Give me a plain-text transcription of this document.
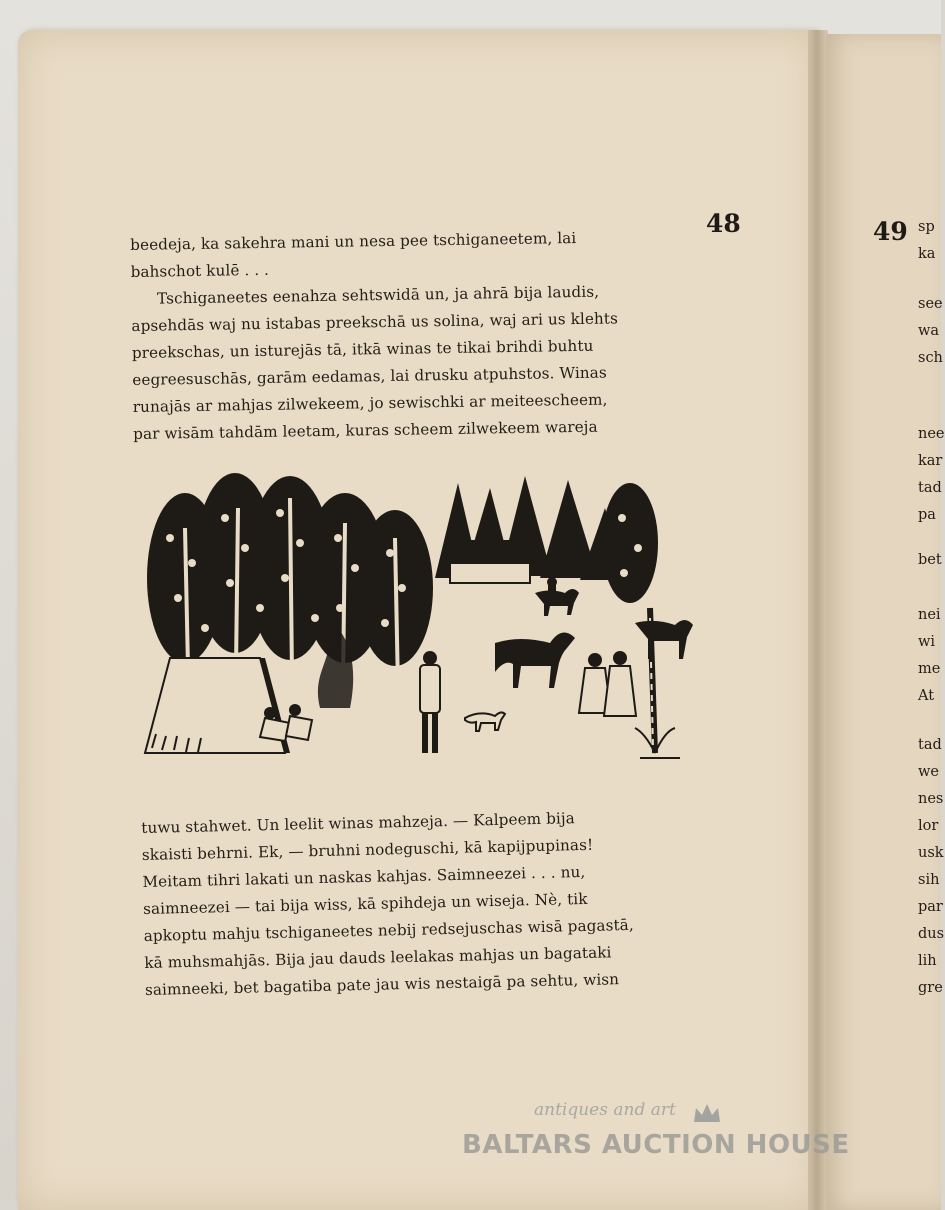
48	49
beedeja, ka sakehra mani un nesa pee tschiganeetem, lai
bahschot kulē . . .
Tschiganeetes eenahza sehtswidā un, ja ahrā bija laudis,
apsehdās waj nu istabas preekschā us solina, waj ari us klehts
preekschas, un isturejās tā, itkā winas te tikai brihdi buhtu
eegreesuschās, garām eedamas, lai drusku atpuhstos. Winas
runajās ar mahjas zilwekeem, jo sewischki ar meiteescheem,
par wisām tahdām leetam, kuras scheem zilwekeem wareja
tuwu stahwet. Un leelit winas mahzeja. — Kalpeem bija
skaisti behrni. Ek, — bruhni nodeguschi, kā kapijpupinas!
Meitam tihri lakati un naskas kahjas. Saimneezei . . . nu,
saimneezei — tai bija wiss, kā spihdeja un wiseja. Nè, tik
apkoptu mahju tschiganeetes nebij redsejuschas wisā pagastā,
kā muhsmahjās. Bija jau dauds leelakas mahjas un bagataki
saimneeki, bet bagatiba pate jau wis nestaigā pa sehtu, wisn
sp
ka
see
wa
sch
nee
kar
tad
pa
bet
nei
wi
me
At
tad
we
nes
lor
usk
sih
par
dus
lih
gre
antiques and art
BALTARS AUCTION HOUSE
